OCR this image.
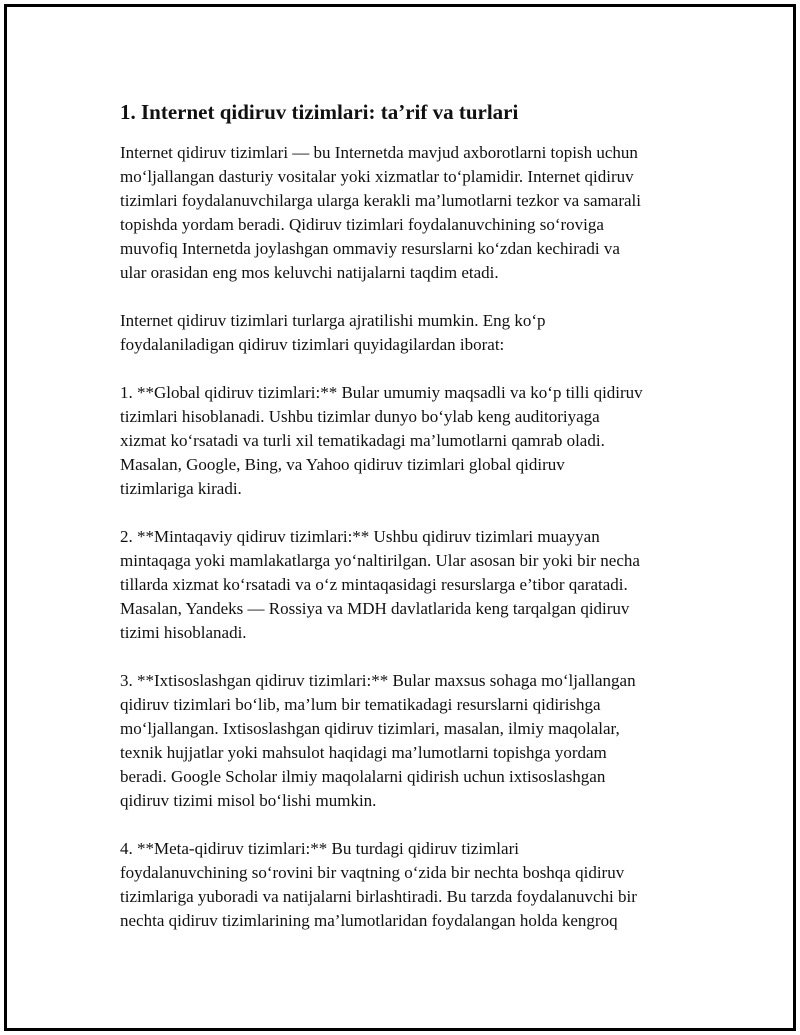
1. Internet qidiruv tizimlari: ta’rif va turlari
Internet qidiruv tizimlari — bu Internetda mavjud axborotlarni topish uchun
mo‘ljallangan dasturiy vositalar yoki xizmatlar to‘plamidir. Internet qidiruv
tizimlari foydalanuvchilarga ularga kerakli ma’lumotlarni tezkor va samarali
topishda yordam beradi. Qidiruv tizimlari foydalanuvchining so‘roviga
muvofiq Internetda joylashgan ommaviy resurslarni ko‘zdan kechiradi va
ular orasidan eng mos keluvchi natijalarni taqdim etadi.
Internet qidiruv tizimlari turlarga ajratilishi mumkin. Eng ko‘p
foydalaniladigan qidiruv tizimlari quyidagilardan iborat:
1. **Global qidiruv tizimlari:** Bular umumiy maqsadli va ko‘p tilli qidiruv
tizimlari hisoblanadi. Ushbu tizimlar dunyo bo‘ylab keng auditoriyaga
xizmat ko‘rsatadi va turli xil tematikadagi ma’lumotlarni qamrab oladi.
Masalan, Google, Bing, va Yahoo qidiruv tizimlari global qidiruv
tizimlariga kiradi.
2. **Mintaqaviy qidiruv tizimlari:** Ushbu qidiruv tizimlari muayyan
mintaqaga yoki mamlakatlarga yo‘naltirilgan. Ular asosan bir yoki bir necha
tillarda xizmat ko‘rsatadi va o‘z mintaqasidagi resurslarga e’tibor qaratadi.
Masalan, Yandeks — Rossiya va MDH davlatlarida keng tarqalgan qidiruv
tizimi hisoblanadi.
3. **Ixtisoslashgan qidiruv tizimlari:** Bular maxsus sohaga mo‘ljallangan
qidiruv tizimlari bo‘lib, ma’lum bir tematikadagi resurslarni qidirishga
mo‘ljallangan. Ixtisoslashgan qidiruv tizimlari, masalan, ilmiy maqolalar,
texnik hujjatlar yoki mahsulot haqidagi ma’lumotlarni topishga yordam
beradi. Google Scholar ilmiy maqolalarni qidirish uchun ixtisoslashgan
qidiruv tizimi misol bo‘lishi mumkin.
4. **Meta-qidiruv tizimlari:** Bu turdagi qidiruv tizimlari
foydalanuvchining so‘rovini bir vaqtning o‘zida bir nechta boshqa qidiruv
tizimlariga yuboradi va natijalarni birlashtiradi. Bu tarzda foydalanuvchi bir
nechta qidiruv tizimlarining ma’lumotlaridan foydalangan holda kengroq
